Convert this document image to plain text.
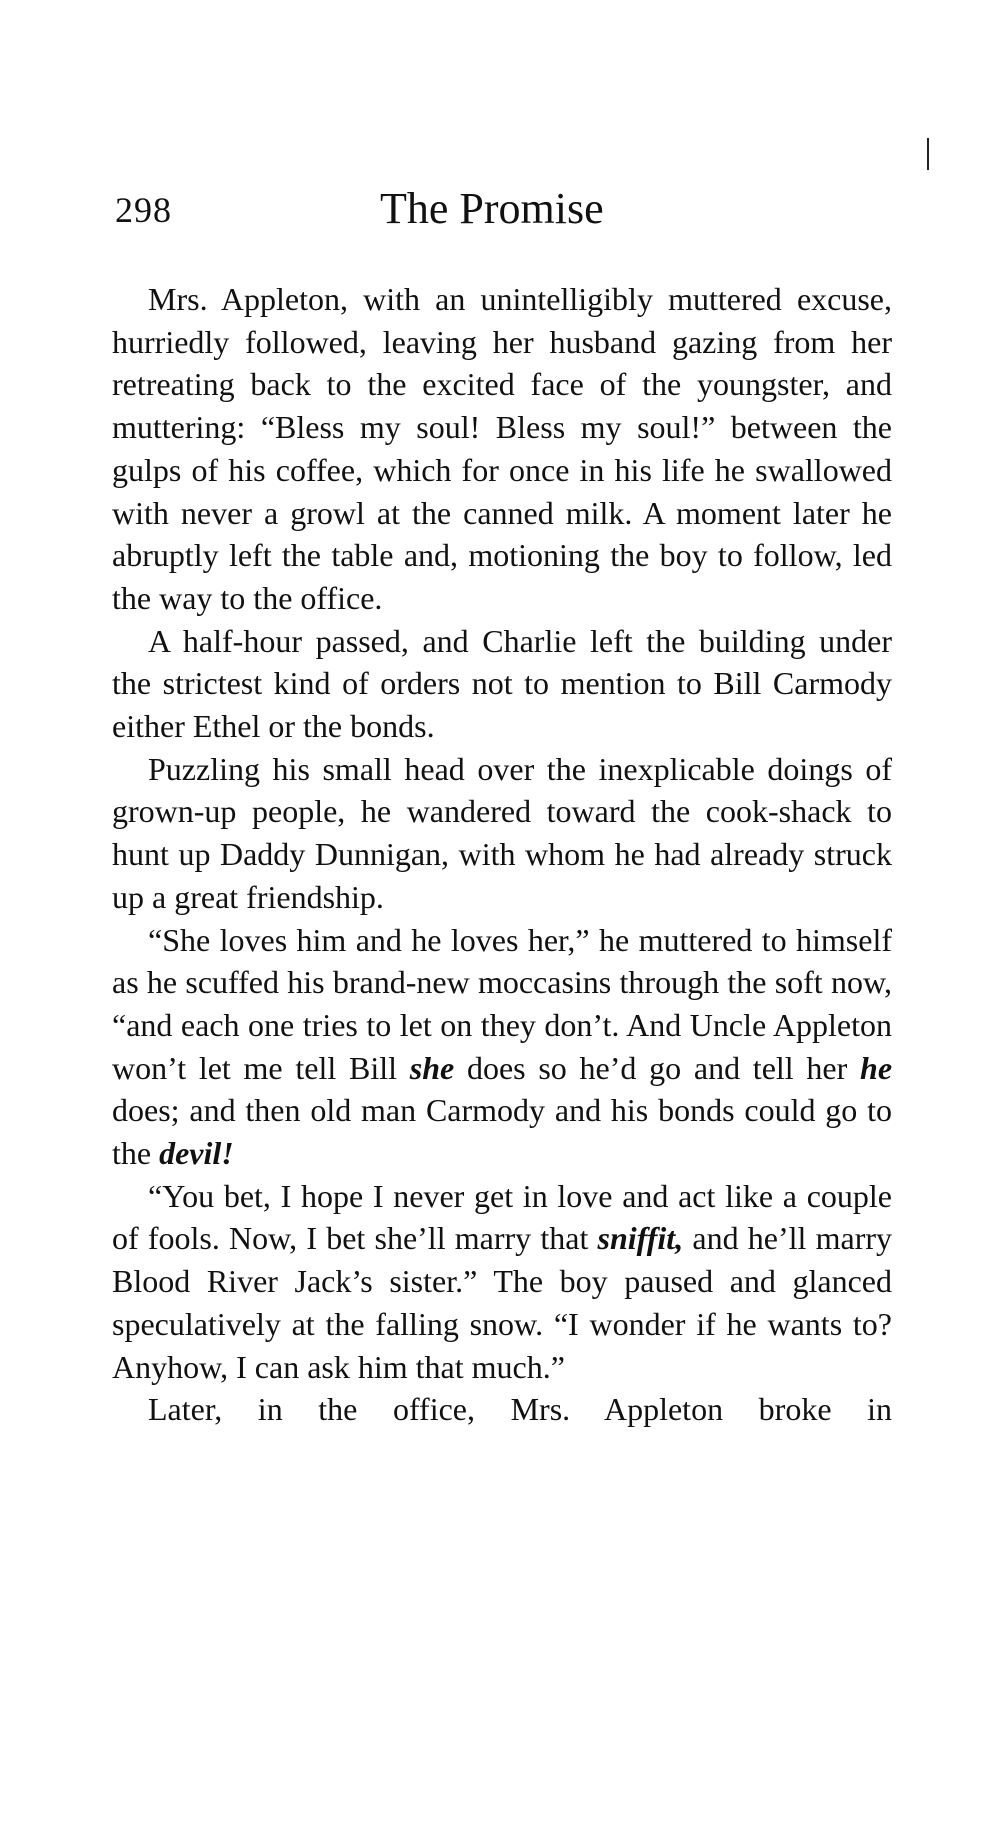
298	The Promise

Mrs. Appleton, with an unintelligibly muttered excuse, hurriedly followed, leaving her husband gazing from her retreating back to the excited face of the youngster, and muttering: “Bless my soul! Bless my soul!” between the gulps of his coffee, which for once in his life he swallowed with never a growl at the canned milk. A moment later he abruptly left the table and, motioning the boy to follow, led the way to the office.

A half-hour passed, and Charlie left the building under the strictest kind of orders not to mention to Bill Carmody either Ethel or the bonds.

Puzzling his small head over the inexplicable doings of grown-up people, he wandered toward the cook-shack to hunt up Daddy Dunnigan, with whom he had already struck up a great friendship.

“She loves him and he loves her,” he muttered to himself as he scuffed his brand-new moccasins through the soft now, “and each one tries to let on they don’t. And Uncle Appleton won’t let me tell Bill she does so he’d go and tell her he does; and then old man Carmody and his bonds could go to the devil!

“You bet, I hope I never get in love and act like a couple of fools. Now, I bet she’ll marry that sniffit, and he’ll marry Blood River Jack’s sister.” The boy paused and glanced speculatively at the falling snow. “I wonder if he wants to? Anyhow, I can ask him that much.”

Later, in the office, Mrs. Appleton broke in
